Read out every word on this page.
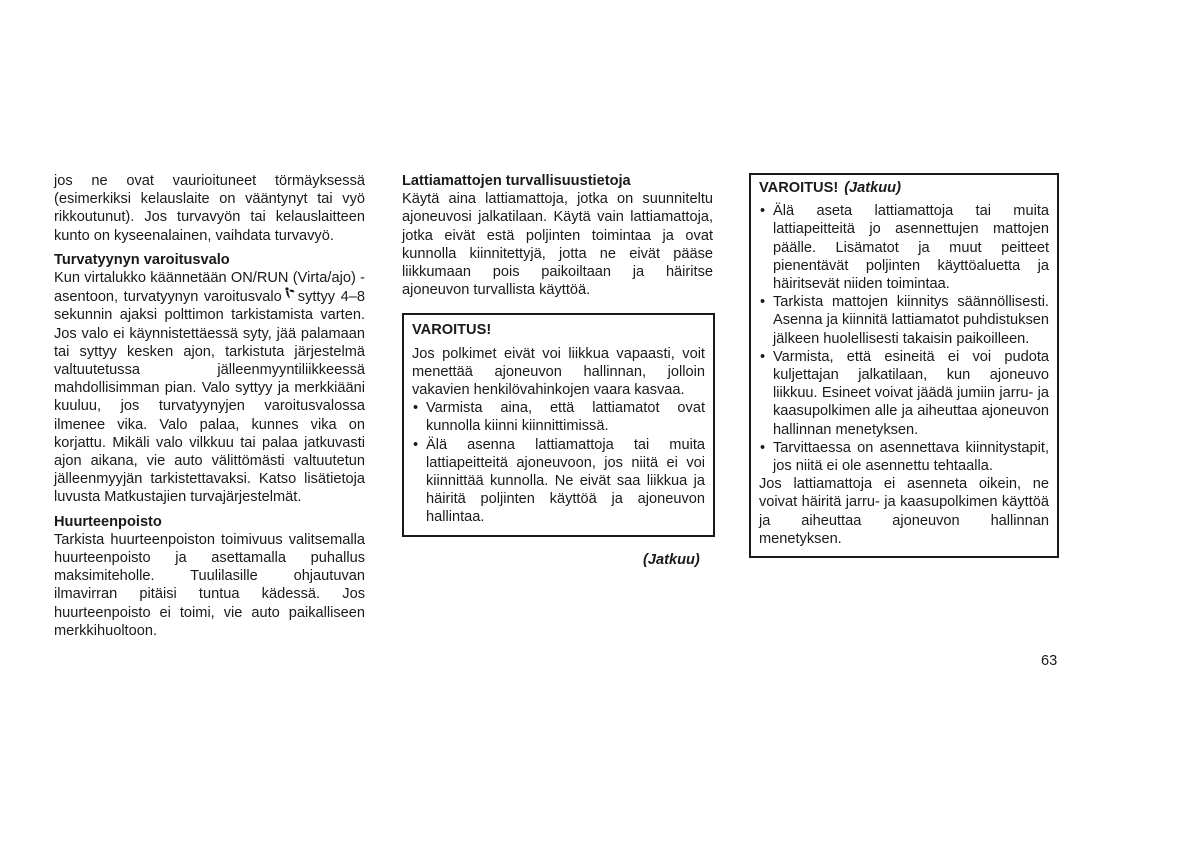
jos ne ovat vaurioituneet törmäyksessä (esimerkiksi kelauslaite on vääntynyt tai vyö rikkoutunut). Jos turvavyön tai kelauslaitteen kunto on kyseenalainen, vaihdata turvavyö.

Turvatyynyn varoitusvalo

Kun virtalukko käännetään ON/RUN (Virta/ajo) -asentoon, turvatyynyn varoitusvalo syttyy 4–8 sekunnin ajaksi polttimon tarkistamista varten. Jos valo ei käynnistettäessä syty, jää palamaan tai syttyy kesken ajon, tarkistuta järjestelmä valtuutetussa jälleenmyyntiliikkeessä mahdollisimman pian. Valo syttyy ja merkkiääni kuuluu, jos turvatyynyjen varoitusvalossa ilmenee vika. Valo palaa, kunnes vika on korjattu. Mikäli valo vilkkuu tai palaa jatkuvasti ajon aikana, vie auto välittömästi valtuutetun jälleenmyyjän tarkistettavaksi. Katso lisätietoja luvusta Matkustajien turvajärjestelmät.

Huurteenpoisto

Tarkista huurteenpoiston toimivuus valitsemalla huurteenpoisto ja asettamalla puhallus maksimiteholle. Tuulilasille ohjautuvan ilmavirran pitäisi tuntua kädessä. Jos huurteenpoisto ei toimi, vie auto paikalliseen merkkihuoltoon.

Lattiamattojen turvallisuustietoja

Käytä aina lattiamattoja, jotka on suunniteltu ajoneuvosi jalkatilaan. Käytä vain lattiamattoja, jotka eivät estä poljinten toimintaa ja ovat kunnolla kiinnitettyjä, jotta ne eivät pääse liikkumaan pois paikoiltaan ja häiritse ajoneuvon turvallista käyttöä.

VAROITUS!

Jos polkimet eivät voi liikkua vapaasti, voit menettää ajoneuvon hallinnan, jolloin vakavien henkilövahinkojen vaara kasvaa.

• Varmista aina, että lattiamatot ovat kunnolla kiinni kiinnittimissä.
• Älä asenna lattiamattoja tai muita lattiapeitteitä ajoneuvoon, jos niitä ei voi kiinnittää kunnolla. Ne eivät saa liikkua ja häiritä poljinten käyttöä ja ajoneuvon hallintaa.
(Jatkuu)

VAROITUS! (Jatkuu)

• Älä aseta lattiamattoja tai muita lattiapeitteitä jo asennettujen mattojen päälle. Lisämatot ja muut peitteet pienentävät poljinten käyttöaluetta ja häiritsevät niiden toimintaa.
• Tarkista mattojen kiinnitys säännöllisesti. Asenna ja kiinnitä lattiamatot puhdistuksen jälkeen huolellisesti takaisin paikoilleen.
• Varmista, että esineitä ei voi pudota kuljettajan jalkatilaan, kun ajoneuvo liikkuu. Esineet voivat jäädä jumiin jarru- ja kaasupolkimen alle ja aiheuttaa ajoneuvon hallinnan menetyksen.
• Tarvittaessa on asennettava kiinnitystapit, jos niitä ei ole asennettu tehtaalla.

Jos lattiamattoja ei asenneta oikein, ne voivat häiritä jarru- ja kaasupolkimen käyttöä ja aiheuttaa ajoneuvon hallinnan menetyksen.

63
